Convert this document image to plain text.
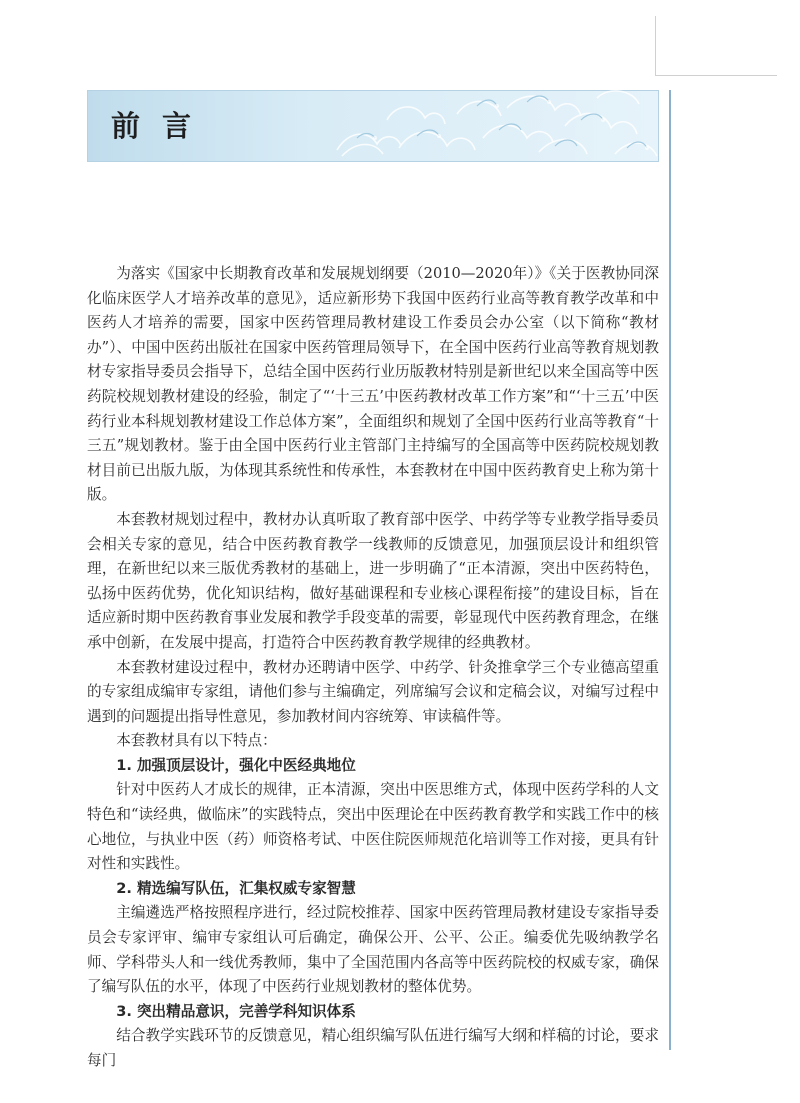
前言

为落实《国家中长期教育改革和发展规划纲要（2010—2020年）》《关于医教协同深化临床医学人才培养改革的意见》，适应新形势下我国中医药行业高等教育教学改革和中医药人才培养的需要，国家中医药管理局教材建设工作委员会办公室（以下简称“教材办”）、中国中医药出版社在国家中医药管理局领导下，在全国中医药行业高等教育规划教材专家指导委员会指导下，总结全国中医药行业历版教材特别是新世纪以来全国高等中医药院校规划教材建设的经验，制定了“‘十三五’中医药教材改革工作方案”和“‘十三五’中医药行业本科规划教材建设工作总体方案”，全面组织和规划了全国中医药行业高等教育“十三五”规划教材。鉴于由全国中医药行业主管部门主持编写的全国高等中医药院校规划教材目前已出版九版，为体现其系统性和传承性，本套教材在中国中医药教育史上称为第十版。

本套教材规划过程中，教材办认真听取了教育部中医学、中药学等专业教学指导委员会相关专家的意见，结合中医药教育教学一线教师的反馈意见，加强顶层设计和组织管理，在新世纪以来三版优秀教材的基础上，进一步明确了“正本清源，突出中医药特色，弘扬中医药优势，优化知识结构，做好基础课程和专业核心课程衔接”的建设目标，旨在适应新时期中医药教育事业发展和教学手段变革的需要，彰显现代中医药教育理念，在继承中创新，在发展中提高，打造符合中医药教育教学规律的经典教材。

本套教材建设过程中，教材办还聘请中医学、中药学、针灸推拿学三个专业德高望重的专家组成编审专家组，请他们参与主编确定，列席编写会议和定稿会议，对编写过程中遇到的问题提出指导性意见，参加教材间内容统筹、审读稿件等。

本套教材具有以下特点：

1. 加强顶层设计，强化中医经典地位

针对中医药人才成长的规律，正本清源，突出中医思维方式，体现中医药学科的人文特色和“读经典，做临床”的实践特点，突出中医理论在中医药教育教学和实践工作中的核心地位，与执业中医（药）师资格考试、中医住院医师规范化培训等工作对接，更具有针对性和实践性。

2. 精选编写队伍，汇集权威专家智慧

主编遴选严格按照程序进行，经过院校推荐、国家中医药管理局教材建设专家指导委员会专家评审、编审专家组认可后确定，确保公开、公平、公正。编委优先吸纳教学名师、学科带头人和一线优秀教师，集中了全国范围内各高等中医药院校的权威专家，确保了编写队伍的水平，体现了中医药行业规划教材的整体优势。

3. 突出精品意识，完善学科知识体系

结合教学实践环节的反馈意见，精心组织编写队伍进行编写大纲和样稿的讨论，要求每门
